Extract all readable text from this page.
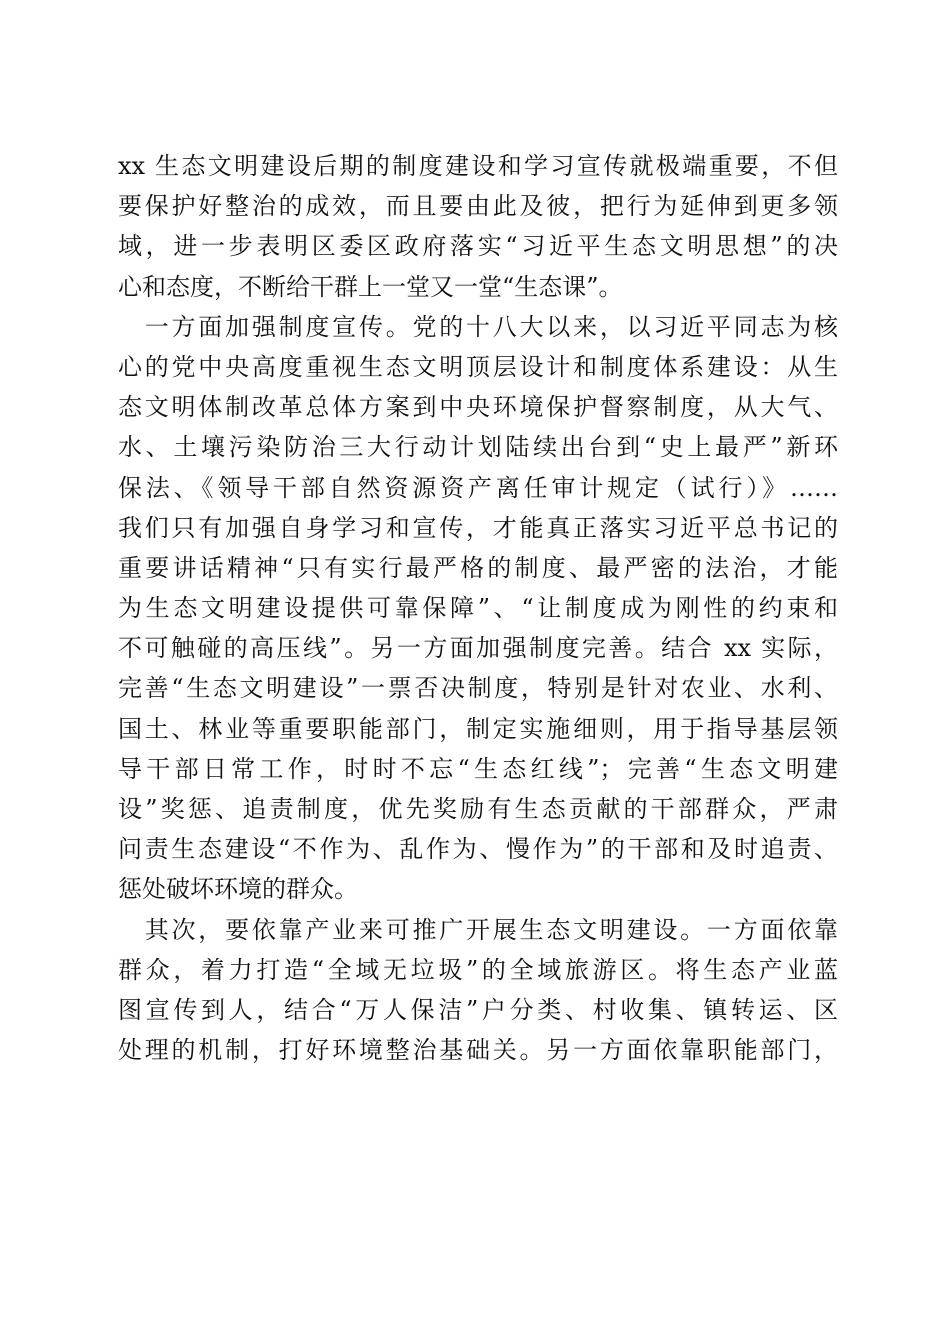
xx 生态文明建设后期的制度建设和学习宣传就极端重要，不但
要保护好整治的成效，而且要由此及彼，把行为延伸到更多领
域，进一步表明区委区政府落实“习近平生态文明思想”的决
心和态度，不断给干群上一堂又一堂“生态课”。
　一方面加强制度宣传。党的十八大以来，以习近平同志为核
心的党中央高度重视生态文明顶层设计和制度体系建设：从生
态文明体制改革总体方案到中央环境保护督察制度，从大气、
水、土壤污染防治三大行动计划陆续出台到“史上最严”新环
保法、《领导干部自然资源资产离任审计规定（试行）》……
我们只有加强自身学习和宣传，才能真正落实习近平总书记的
重要讲话精神“只有实行最严格的制度、最严密的法治，才能
为生态文明建设提供可靠保障”、“让制度成为刚性的约束和
不可触碰的高压线”。另一方面加强制度完善。结合 xx 实际，
完善“生态文明建设”一票否决制度，特别是针对农业、水利、
国土、林业等重要职能部门，制定实施细则，用于指导基层领
导干部日常工作，时时不忘“生态红线”；完善“生态文明建
设”奖惩、追责制度，优先奖励有生态贡献的干部群众，严肃
问责生态建设“不作为、乱作为、慢作为”的干部和及时追责、
惩处破坏环境的群众。
　其次，要依靠产业来可推广开展生态文明建设。一方面依靠
群众，着力打造“全域无垃圾”的全域旅游区。将生态产业蓝
图宣传到人，结合“万人保洁”户分类、村收集、镇转运、区
处理的机制，打好环境整治基础关。另一方面依靠职能部门，
